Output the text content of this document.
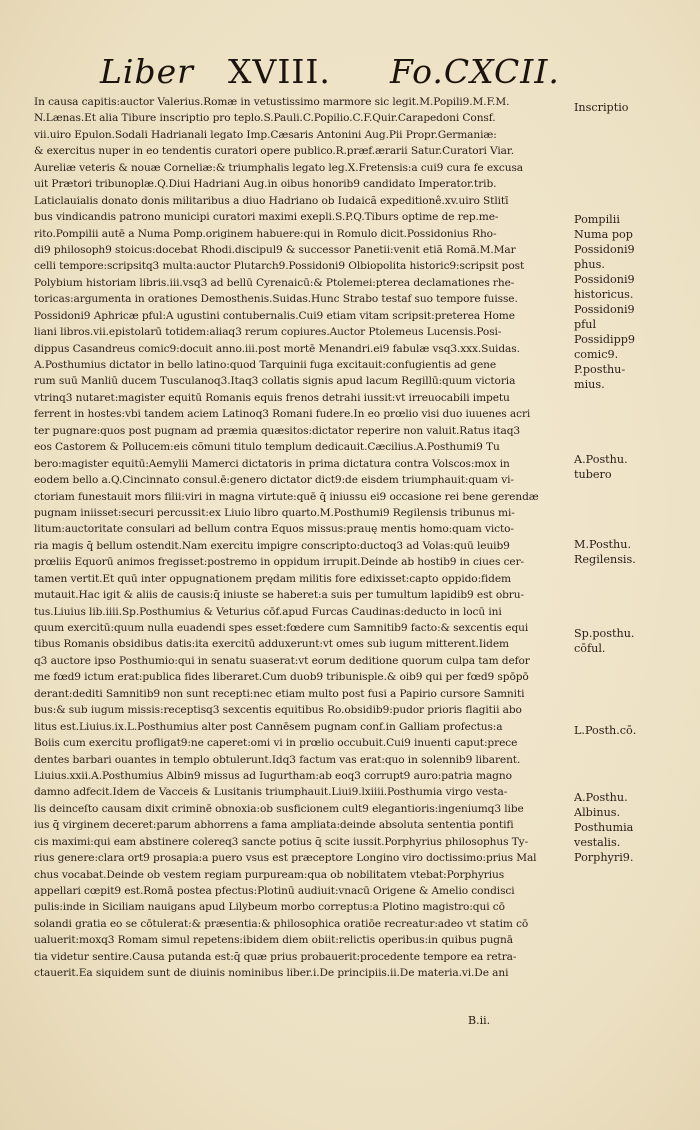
Liber XVIII. Fo.CXCII.
In causa capitis:auctor Valerius.Romæ in vetustissimo marmore sic legit.M.Popili9.M.F.M.
N.Lænas.Et alia Tibure inscriptio pro teplo.S.Pauli.C.Popilio.C.F.Quir.Carapedoni Consf.
vii.uiro Epulon.Sodali Hadrianali legato Imp.Cæsaris Antonini Aug.Pii Propr.Germaniæ:
& exercitus nuper in eo tendentis curatori opere publico.R.præf.ærarii Satur.Curatori Viar.
Aureliæ veteris & nouæ Corneliæ:& triumphalis legato leg.X.Fretensis:a cui9 cura fe excusa
uit Prætori tribunoplæ.Q.Diui Hadriani Aug.in oibus honorib9 candidato Imperator.trib.
Laticlauialis donato donis militaribus a diuo Hadriano ob Iudaicã expeditionê.xv.uiro Stlitī
bus vindicandis patrono municipi curatori maximi exepli.S.P.Q.Tiburs optime de rep.me-
rito.Pompilii autē a Numa Pomp.originem habuere:qui in Romulo dicit.Possidonius Rho-
di9 philosoph9 stoicus:docebat Rhodi.discipul9 & successor Panetii:venit etiã Romã.M.Mar
celli tempore:scripsitq3 multa:auctor Plutarch9.Possidoni9 Olbiopolita historic9:scripsit post
Polybium historiam libris.iii.vsq3 ad bellū Cyrenaicū:& Ptolemei:pterea declamationes rhe-
toricas:argumenta in orationes Demosthenis.Suidas.Hunc Strabo testaf suo tempore fuisse.
Possidoni9 Aphricæ pful:A ugustini contubernalis.Cui9 etiam vitam scripsit:preterea Home
liani libros.vii.epistolarū totidem:aliaq3 rerum copiures.Auctor Ptolemeus Lucensis.Posi-
dippus Casandreus comic9:docuit anno.iii.post mortē Menandri.ei9 fabulæ vsq3.xxx.Suidas.
A.Posthumius dictator in bello latino:quod Tarquinii fuga excitauit:confugientis ad gene
rum suū Manliū ducem Tusculanoq3.Itaq3 collatis signis apud lacum Regillū:quum victoria
vtrinq3 nutaret:magister equitū Romanis equis frenos detrahi iussit:vt irreuocabili impetu
ferrent in hostes:vbi tandem aciem Latinoq3 Romani fudere.In eo prœlio visi duo iuuenes acri
ter pugnare:quos post pugnam ad præmia quæsitos:dictator reperire non valuit.Ratus itaq3
eos Castorem & Pollucem:eis cõmuni titulo templum dedicauit.Cæcilius.A.Posthumi9 Tu
bero:magister equitū:Aemylii Mamerci dictatoris in prima dictatura contra Volscos:mox in
eodem bello a.Q.Cincinnato consul.ē:genero dictator dict9:de eisdem triumphauit:quam vi-
ctoriam funestauit mors filii:viri in magna virtute:quē q̄ iniussu ei9 occasione rei bene gerendæ
pugnam iniisset:securi percussit:ex Liuio libro quarto.M.Posthumi9 Regilensis tribunus mi-
litum:auctoritate consulari ad bellum contra Equos missus:prauę mentis homo:quam victo-
ria magis q̄ bellum ostendit.Nam exercitu impigre conscripto:ductoq3 ad Volas:quū leuib9
prœliis Equorū animos fregisset:postremo in oppidum irrupit.Deinde ab hostib9 in ciues cer-
tamen vertit.Et quū inter oppugnationem prędam militis fore edixisset:capto oppido:fidem
mutauit.Hac igit & aliis de causis:q̄ iniuste se haberet:a suis per tumultum lapidib9 est obru-
tus.Liuius lib.iiii.Sp.Posthumius & Veturius cōf.apud Furcas Caudinas:deducto in locū ini
quum exercitū:quum nulla euadendi spes esset:fœdere cum Samnitib9 facto:& sexcentis equi
tibus Romanis obsidibus datis:ita exercitū adduxerunt:vt omes sub iugum mitterent.Iidem
q3 auctore ipso Posthumio:qui in senatu suaserat:vt eorum deditione quorum culpa tam defor
me fœd9 ictum erat:publica fides liberaret.Cum duob9 tribunisple.& oib9 qui per fœd9 spōpō
derant:dediti Samnitib9 non sunt recepti:nec etiam multo post fusi a Papirio cursore Samniti
bus:& sub iugum missis:receptisq3 sexcentis equitibus Ro.obsidib9:pudor prioris flagitii abo
litus est.Liuius.ix.L.Posthumius alter post Cannēsem pugnam conf.in Galliam profectus:a
Boiis cum exercitu profligat9:ne caperet:omi vi in prœlio occubuit.Cui9 inuenti caput:prece
dentes barbari ouantes in templo obtulerunt.Idq3 factum vas erat:quo in solennib9 libarent.
Liuius.xxii.A.Posthumius Albin9 missus ad Iugurtham:ab eoq3 corrupt9 auro:patria magno
damno adfecit.Idem de Vacceis & Lusitanis triumphauit.Liui9.lxiiii.Posthumia virgo vesta-
lis deinceſto causam dixit criminē obnoxia:ob susficionem cult9 elegantioris:ingeniumq3 libe
ius q̄ virginem deceret:parum abhorrens a fama ampliata:deinde absoluta sententia pontifi
cis maximi:qui eam abstinere colereq3 sancte potius q̄ scite iussit.Porphyrius philosophus Ty-
rius genere:clara ort9 prosapia:a puero vsus est præceptore Longino viro doctissimo:prius Mal
chus vocabat.Deinde ob vestem regiam purpuream:qua ob nobilitatem vtebat:Porphyrius
appellari cœpit9 est.Romā postea pfectus:Plotinū audiuit:vnacū Origene & Amelio condisci
pulis:inde in Siciliam nauigans apud Lilybeum morbo correptus:a Plotino magistro:qui cō
solandi gratia eo se cōtulerat:& præsentia:& philosophica oratiōe recreatur:adeo vt statim cō
ualuerit:moxq3 Romam simul repetens:ibidem diem obiit:relictis operibus:in quibus pugnā
tia videtur sentire.Causa putanda est:q̄ quæ prius probauerit:procedente tempore ea retra-
ctauerit.Ea siquidem sunt de diuinis nominibus liber.i.De principiis.ii.De materia.vi.De ani
Inscriptio
Pompilii
Numa pop
Possidoni9
phus.
Possidoni9
historicus.
Possidoni9
pful
Possidipp9
comic9.
P.posthu-
mius.
A.Posthu.
tubero
M.Posthu.
Regilensis.
Sp.posthu.
cōful.
L.Posth.cō.
A.Posthu.
Albinus.
Posthumia
vestalis.
Porphyri9.
B.ii.
